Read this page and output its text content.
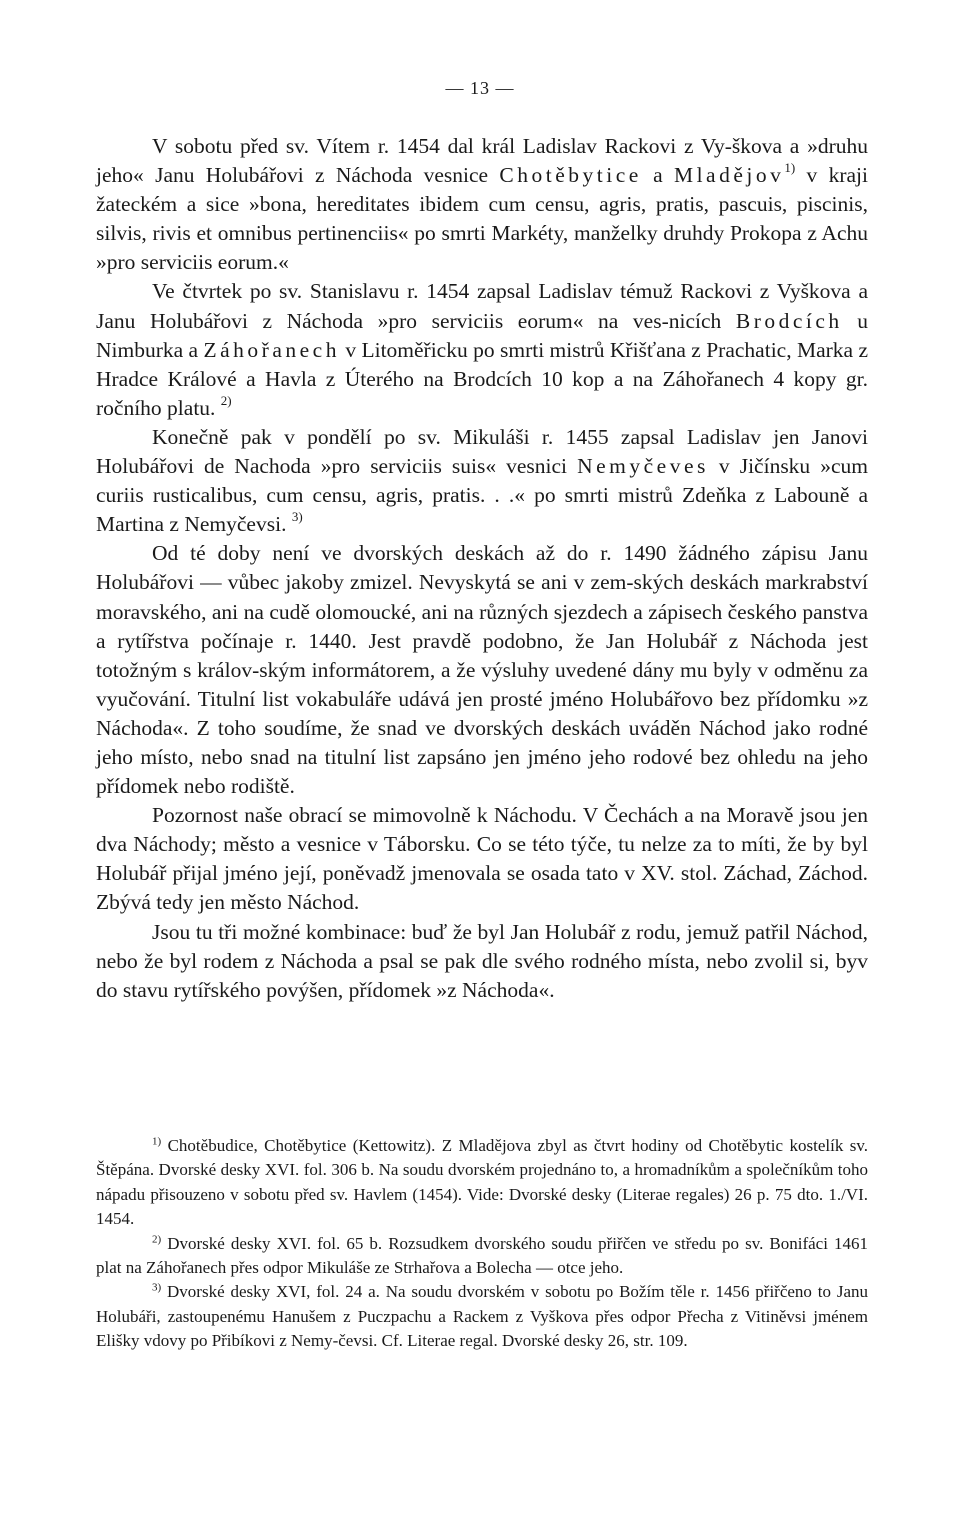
— 13 —

V sobotu před sv. Vítem r. 1454 dal král Ladislav Rackovi z Vy-škova a »druhu jeho« Janu Holubářovi z Náchoda vesnice Chotěbytice a Mladějov$^{1)}$ v kraji žateckém a sice »bona, hereditates ibidem cum censu, agris, pratis, pascuis, piscinis, silvis, rivis et omnibus pertinenciis« po smrti Markéty, manželky druhdy Prokopa z Achu »pro serviciis eorum.«

Ve čtvrtek po sv. Stanislavu r. 1454 zapsal Ladislav témuž Rackovi z Vyškova a Janu Holubářovi z Náchoda »pro serviciis eorum« na ves-nicích Brodcích u Nimburka a Záhořanech v Litoměřicku po smrti mistrů Křišťana z Prachatic, Marka z Hradce Králové a Havla z Úterého na Brodcích 10 kop a na Záhořanech 4 kopy gr. ročního platu. $^{2)}$

Konečně pak v pondělí po sv. Mikuláši r. 1455 zapsal Ladislav jen Janovi Holubářovi de Nachoda »pro serviciis suis« vesnici Nemyčeves v Jičínsku »cum curiis rusticalibus, cum censu, agris, pratis. . .« po smrti mistrů Zdeňka z Labouně a Martina z Nemyčevsi. $^{3)}$

Od té doby není ve dvorských deskách až do r. 1490 žádného zápisu Janu Holubářovi — vůbec jakoby zmizel. Nevyskytá se ani v zem-ských deskách markrabství moravského, ani na cudě olomoucké, ani na různých sjezdech a zápisech českého panstva a rytířstva počínaje r. 1440. Jest pravdě podobno, že Jan Holubář z Náchoda jest totožným s králov-ským informátorem, a že výsluhy uvedené dány mu byly v odměnu za vyučování. Titulní list vokabuláře udává jen prosté jméno Holubářovo bez přídomku »z Náchoda«. Z toho soudíme, že snad ve dvorských deskách uváděn Náchod jako rodné jeho místo, nebo snad na titulní list zapsáno jen jméno jeho rodové bez ohledu na jeho přídomek nebo rodiště.

Pozornost naše obrací se mimovolně k Náchodu. V Čechách a na Moravě jsou jen dva Náchody; město a vesnice v Táborsku. Co se této týče, tu nelze za to míti, že by byl Holubář přijal jméno její, poněvadž jmenovala se osada tato v XV. stol. Záchad, Záchod. Zbývá tedy jen město Náchod.

Jsou tu tři možné kombinace: buď že byl Jan Holubář z rodu, jemuž patřil Náchod, nebo že byl rodem z Náchoda a psal se pak dle svého rodného místa, nebo zvolil si, byv do stavu rytířského povýšen, přídomek »z Náchoda«.

$^{1)}$ Chotěbudice, Chotěbytice (Kettowitz). Z Mladějova zbyl as čtvrt hodiny od Chotěbytic kostelík sv. Štěpána. Dvorské desky XVI. fol. 306 b. Na soudu dvorském projednáno to, a hromadníkům a společníkům toho nápadu přisouzeno v sobotu před sv. Havlem (1454). Vide: Dvorské desky (Literae regales) 26 p. 75 dto. 1./VI. 1454.

$^{2)}$ Dvorské desky XVI. fol. 65 b. Rozsudkem dvorského soudu přiřčen ve středu po sv. Bonifáci 1461 plat na Záhořanech přes odpor Mikuláše ze Strhařova a Bolecha — otce jeho.

$^{3)}$ Dvorské desky XVI, fol. 24 a. Na soudu dvorském v sobotu po Božím těle r. 1456 přiřčeno to Janu Holubáři, zastoupenému Hanušem z Puczpachu a Rackem z Vyškova přes odpor Přecha z Vitiněvsi jménem Elišky vdovy po Přibíkovi z Nemy-čevsi. Cf. Literae regal. Dvorské desky 26, str. 109.
